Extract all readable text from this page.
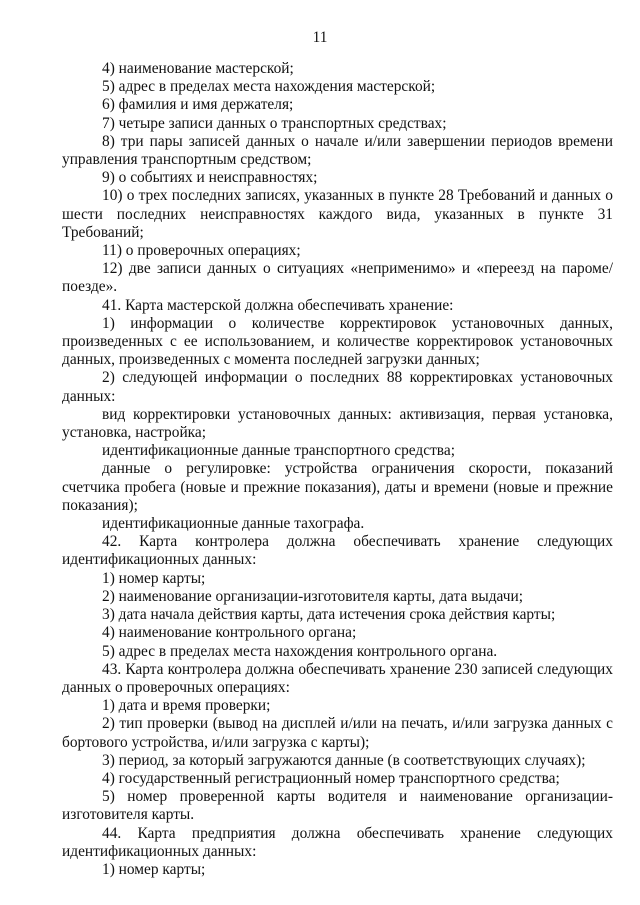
11

4) наименование мастерской;

5) адрес в пределах места нахождения мастерской;

6) фамилия и имя держателя;

7) четыре записи данных о транспортных средствах;

8) три пары записей данных о начале и/или завершении периодов времени управления транспортным средством;

9) о событиях и неисправностях;

10) о трех последних записях, указанных в пункте 28 Требований и данных о шести последних неисправностях каждого вида, указанных в пункте 31 Требований;

11) о проверочных операциях;

12) две записи данных о ситуациях «неприменимо» и «переезд на пароме/поезде».

41. Карта мастерской должна обеспечивать хранение:

1) информации о количестве корректировок установочных данных, произведенных с ее использованием, и количестве корректировок установочных данных, произведенных с момента последней загрузки данных;

2) следующей информации о последних 88 корректировках установочных данных:

вид корректировки установочных данных: активизация, первая установка, установка, настройка;

идентификационные данные транспортного средства;

данные о регулировке: устройства ограничения скорости, показаний счетчика пробега (новые и прежние показания), даты и времени (новые и прежние показания);

идентификационные данные тахографа.

42. Карта контролера должна обеспечивать хранение следующих идентификационных данных:

1) номер карты;

2) наименование организации-изготовителя карты, дата выдачи;

3) дата начала действия карты, дата истечения срока действия карты;

4) наименование контрольного органа;

5) адрес в пределах места нахождения контрольного органа.

43. Карта контролера должна обеспечивать хранение 230 записей следующих данных о проверочных операциях:

1) дата и время проверки;

2) тип проверки (вывод на дисплей и/или на печать, и/или загрузка данных с бортового устройства, и/или загрузка с карты);

3) период, за который загружаются данные (в соответствующих случаях);

4) государственный регистрационный номер транспортного средства;

5) номер проверенной карты водителя и наименование организации-изготовителя карты.

44. Карта предприятия должна обеспечивать хранение следующих идентификационных данных:

1) номер карты;
